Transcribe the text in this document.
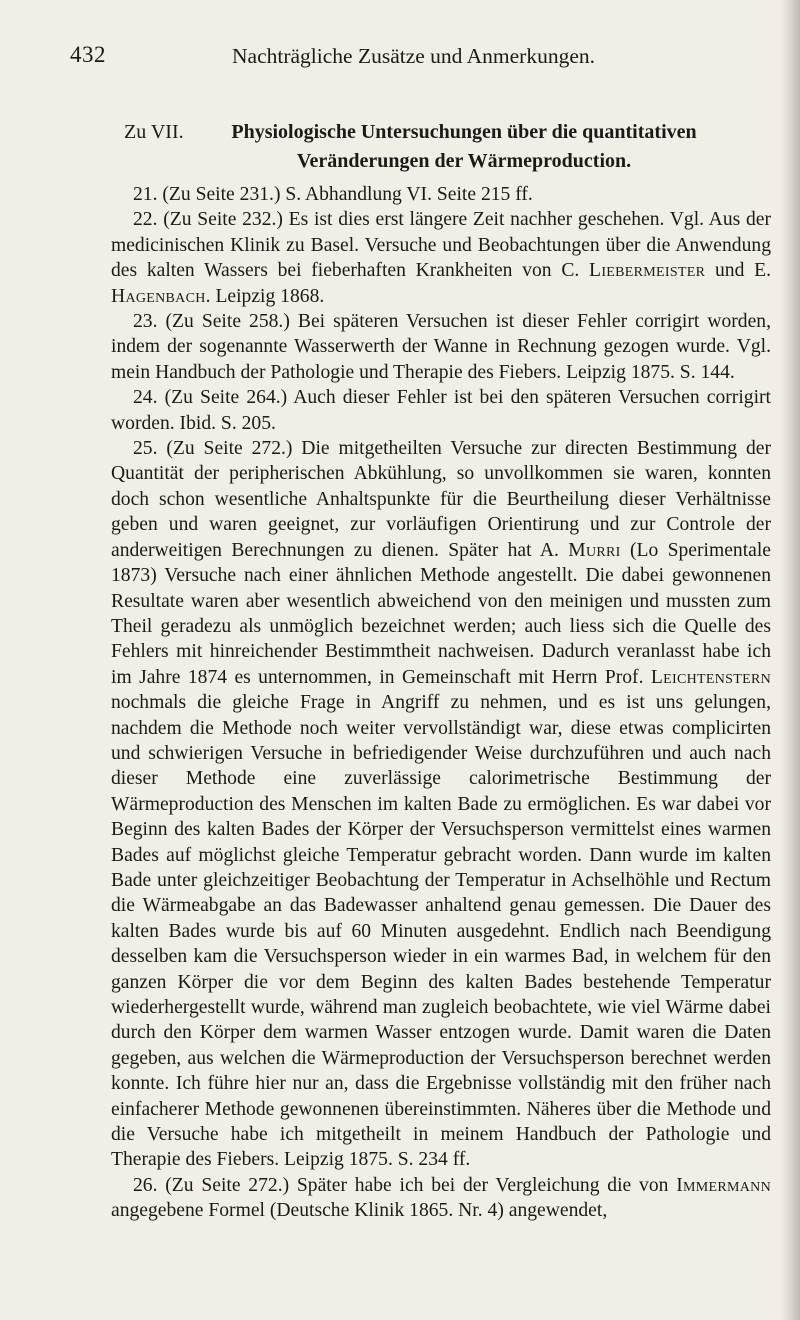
432	Nachträgliche Zusätze und Anmerkungen.
Zu VII.	Physiologische Untersuchungen über die quantitativen
Veränderungen der Wärmeproduction.

21. (Zu Seite 231.) S. Abhandlung VI. Seite 215 ff.

22. (Zu Seite 232.) Es ist dies erst längere Zeit nachher geschehen. Vgl. Aus der medicinischen Klinik zu Basel. Versuche und Beobachtungen über die Anwendung des kalten Wassers bei fieberhaften Krankheiten von C. Liebermeister und E. Hagenbach. Leipzig 1868.

23. (Zu Seite 258.) Bei späteren Versuchen ist dieser Fehler corrigirt worden, indem der sogenannte Wasserwerth der Wanne in Rechnung gezogen wurde. Vgl. mein Handbuch der Pathologie und Therapie des Fiebers. Leipzig 1875. S. 144.

24. (Zu Seite 264.) Auch dieser Fehler ist bei den späteren Versuchen corrigirt worden. Ibid. S. 205.

25. (Zu Seite 272.) Die mitgetheilten Versuche zur directen Bestimmung der Quantität der peripherischen Abkühlung, so unvollkommen sie waren, konnten doch schon wesentliche Anhaltspunkte für die Beurtheilung dieser Verhältnisse geben und waren geeignet, zur vorläufigen Orientirung und zur Controle der anderweitigen Berechnungen zu dienen. Später hat A. Murri (Lo Sperimentale 1873) Versuche nach einer ähnlichen Methode angestellt. Die dabei gewonnenen Resultate waren aber wesentlich abweichend von den meinigen und mussten zum Theil geradezu als unmöglich bezeichnet werden; auch liess sich die Quelle des Fehlers mit hinreichender Bestimmtheit nachweisen. Dadurch veranlasst habe ich im Jahre 1874 es unternommen, in Gemeinschaft mit Herrn Prof. Leichtenstern nochmals die gleiche Frage in Angriff zu nehmen, und es ist uns gelungen, nachdem die Methode noch weiter vervollständigt war, diese etwas complicirten und schwierigen Versuche in befriedigender Weise durchzuführen und auch nach dieser Methode eine zuverlässige calorimetrische Bestimmung der Wärmeproduction des Menschen im kalten Bade zu ermöglichen. Es war dabei vor Beginn des kalten Bades der Körper der Versuchsperson vermittelst eines warmen Bades auf möglichst gleiche Temperatur gebracht worden. Dann wurde im kalten Bade unter gleichzeitiger Beobachtung der Temperatur in Achselhöhle und Rectum die Wärmeabgabe an das Badewasser anhaltend genau gemessen. Die Dauer des kalten Bades wurde bis auf 60 Minuten ausgedehnt. Endlich nach Beendigung desselben kam die Versuchsperson wieder in ein warmes Bad, in welchem für den ganzen Körper die vor dem Beginn des kalten Bades bestehende Temperatur wiederhergestellt wurde, während man zugleich beobachtete, wie viel Wärme dabei durch den Körper dem warmen Wasser entzogen wurde. Damit waren die Daten gegeben, aus welchen die Wärmeproduction der Versuchsperson berechnet werden konnte. Ich führe hier nur an, dass die Ergebnisse vollständig mit den früher nach einfacherer Methode gewonnenen übereinstimmten. Näheres über die Methode und die Versuche habe ich mitgetheilt in meinem Handbuch der Pathologie und Therapie des Fiebers. Leipzig 1875. S. 234 ff.

26. (Zu Seite 272.) Später habe ich bei der Vergleichung die von Immermann angegebene Formel (Deutsche Klinik 1865. Nr. 4) angewendet,
